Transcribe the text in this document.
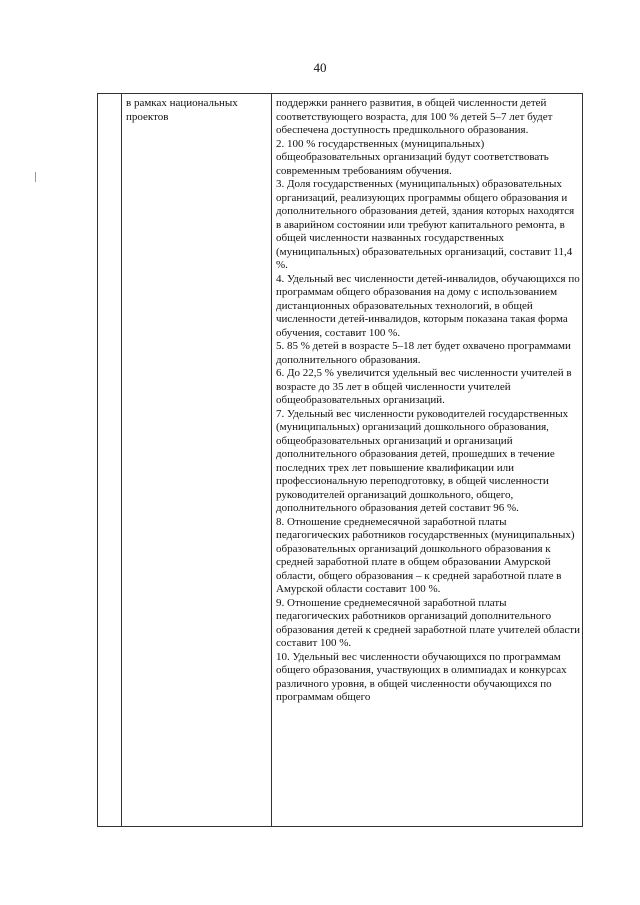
40
в рамках национальных проектов

поддержки раннего развития, в общей численности детей соответствующего возраста, для 100 % детей 5–7 лет будет обеспечена доступность предшкольного образования.

2. 100 % государственных (муниципальных) общеобразовательных организаций будут соответствовать современным требованиям обучения.

3. Доля государственных (муниципальных) образовательных организаций, реализующих программы общего образования и дополнительного образования детей, здания которых находятся в аварийном состоянии или требуют капитального ремонта, в общей численности названных государственных (муниципальных) образовательных организаций, составит 11,4 %.

4. Удельный вес численности детей-инвалидов, обучающихся по программам общего образования на дому с использованием дистанционных образовательных технологий, в общей численности детей-инвалидов, которым показана такая форма обучения, составит 100 %.

5. 85 % детей в возрасте 5–18 лет будет охвачено программами дополнительного образования.

6. До 22,5 % увеличится удельный вес численности учителей в возрасте до 35 лет в общей численности учителей общеобразовательных организаций.

7. Удельный вес численности руководителей государственных (муниципальных) организаций дошкольного образования, общеобразовательных организаций и организаций дополнительного образования детей, прошедших в течение последних трех лет повышение квалификации или профессиональную переподготовку, в общей численности руководителей организаций дошкольного, общего, дополнительного образования детей составит 96 %.

8. Отношение среднемесячной заработной платы педагогических работников государственных (муниципальных) образовательных организаций дошкольного образования к средней заработной плате в общем образовании Амурской области, общего образования – к средней заработной плате в Амурской области составит 100 %.

9. Отношение среднемесячной заработной платы педагогических работников организаций дополнительного образования детей к средней заработной плате учителей области составит 100 %.

10. Удельный вес численности обучающихся по программам общего образования, участвующих в олимпиадах и конкурсах различного уровня, в общей численности обучающихся по программам общего
